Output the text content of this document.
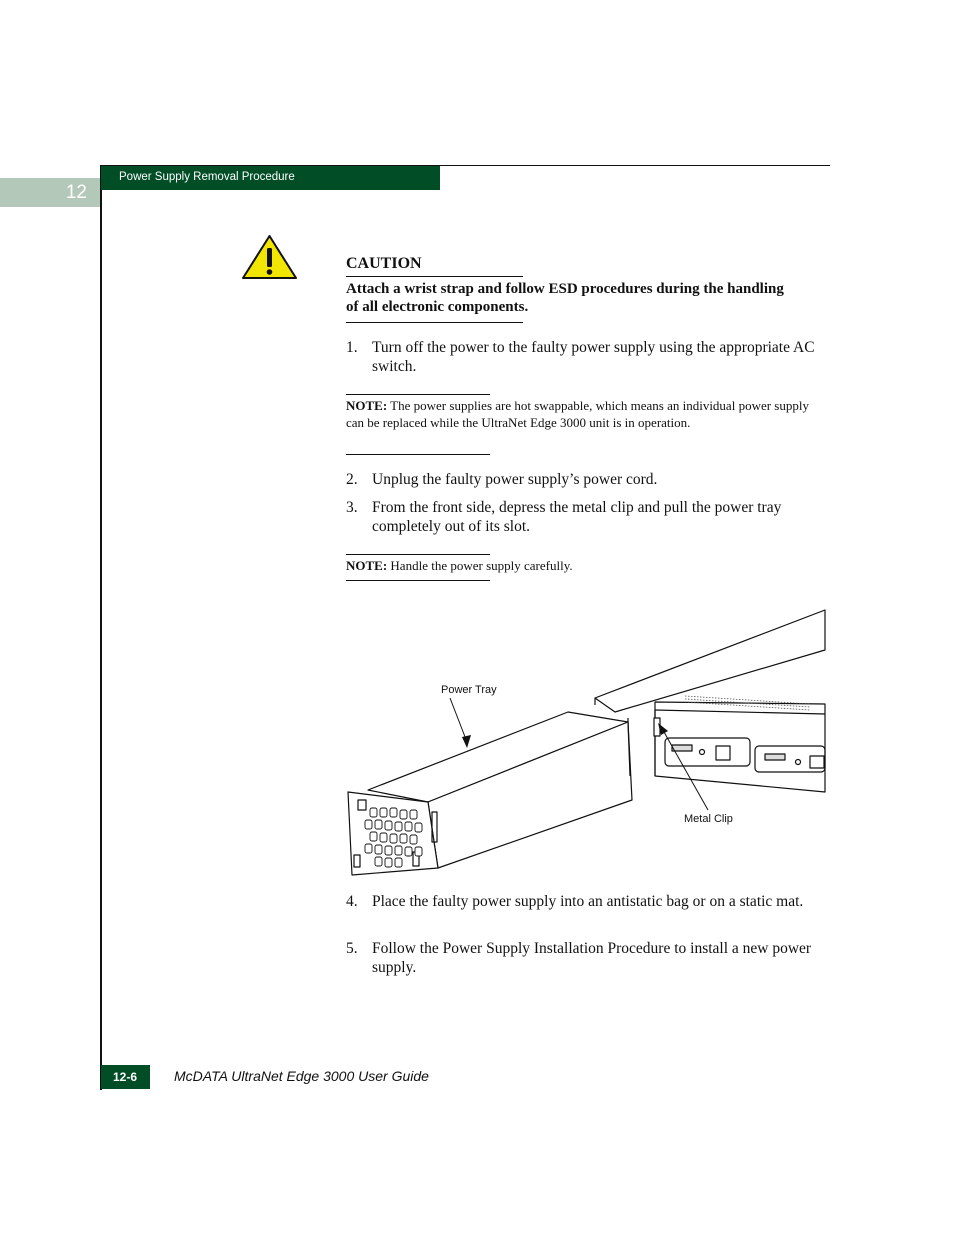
12
Power Supply Removal Procedure
CAUTION
Attach a wrist strap and follow ESD procedures during the handling of all electronic components.
1. Turn off the power to the faulty power supply using the appropriate AC switch.
NOTE: The power supplies are hot swappable, which means an individual power supply can be replaced while the UltraNet Edge 3000 unit is in operation.
2. Unplug the faulty power supply’s power cord.
3. From the front side, depress the metal clip and pull the power tray completely out of its slot.
NOTE: Handle the power supply carefully.
Power Tray
Metal Clip
4. Place the faulty power supply into an antistatic bag or on a static mat.
5. Follow the Power Supply Installation Procedure to install a new power supply.
12-6	McDATA UltraNet Edge 3000 User Guide
